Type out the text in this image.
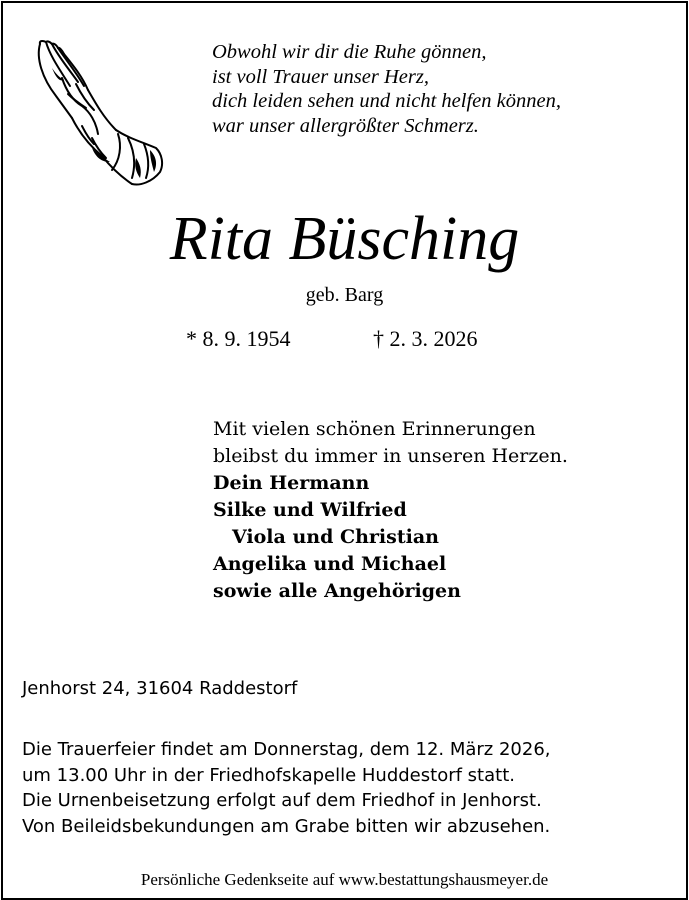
Obwohl wir dir die Ruhe gönnen,
ist voll Trauer unser Herz,
dich leiden sehen und nicht helfen können,
war unser allergrößter Schmerz.
Rita Büsching
geb. Barg
* 8. 9. 1954	† 2. 3. 2026
Mit vielen schönen Erinnerungen
bleibst du immer in unseren Herzen.
Dein Hermann
Silke und Wilfried
Viola und Christian
Angelika und Michael
sowie alle Angehörigen
Jenhorst 24, 31604 Raddestorf
Die Trauerfeier findet am Donnerstag, dem 12. März 2026,
um 13.00 Uhr in der Friedhofskapelle Huddestorf statt.
Die Urnenbeisetzung erfolgt auf dem Friedhof in Jenhorst.
Von Beileidsbekundungen am Grabe bitten wir abzusehen.
Persönliche Gedenkseite auf www.bestattungshausmeyer.de
